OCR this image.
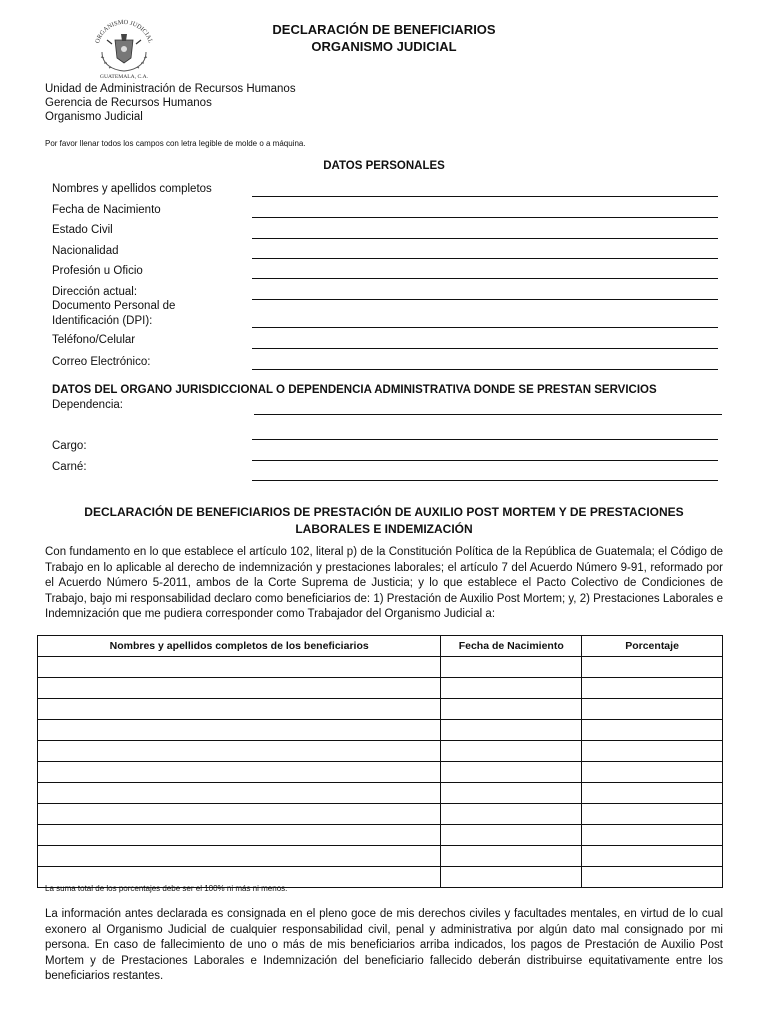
ORGANISMO JUDICIAL
GUATEMALA, C.A.
DECLARACIÓN DE BENEFICIARIOS
ORGANISMO JUDICIAL
Unidad de Administración de Recursos Humanos
Gerencia de Recursos Humanos
Organismo Judicial
Por favor llenar todos los campos con letra legible de molde o a máquina.
DATOS PERSONALES
Nombres y apellidos completos
Fecha de Nacimiento
Estado Civil
Nacionalidad
Profesión u Oficio
Dirección actual:
Documento Personal de
Identificación (DPI):
Teléfono/Celular
Correo Electrónico:
DATOS DEL ORGANO JURISDICCIONAL O DEPENDENCIA ADMINISTRATIVA DONDE SE PRESTAN SERVICIOS
Dependencia:
Cargo:
Carné:
DECLARACIÓN DE BENEFICIARIOS DE PRESTACIÓN DE AUXILIO POST MORTEM Y DE PRESTACIONES
LABORALES E INDEMIZACIÓN
Con fundamento en lo que establece el artículo 102, literal p) de la Constitución Política de la República de Guatemala; el Código de Trabajo en lo aplicable al derecho de indemnización y prestaciones laborales; el artículo 7 del Acuerdo Número 9-91, reformado por el Acuerdo Número 5-2011, ambos de la Corte Suprema de Justicia; y lo que establece el Pacto Colectivo de Condiciones de Trabajo, bajo mi responsabilidad declaro como beneficiarios de: 1) Prestación de Auxilio Post Mortem; y, 2) Prestaciones Laborales e Indemnización que me pudiera corresponder como Trabajador del Organismo Judicial a:
Nombres y apellidos completos de los beneficiarios	Fecha de Nacimiento	Porcentaje

La suma total de los porcentajes debe ser el 100% ni más ni menos.
La información antes declarada es consignada en el pleno goce de mis derechos civiles y facultades mentales, en virtud de lo cual exonero al Organismo Judicial de cualquier responsabilidad civil, penal y administrativa por algún dato mal consignado por mi persona. En caso de fallecimiento de uno o más de mis beneficiarios arriba indicados, los pagos de Prestación de Auxilio Post Mortem y de Prestaciones Laborales e Indemnización del beneficiario fallecido deberán distribuirse equitativamente entre los beneficiarios restantes.
